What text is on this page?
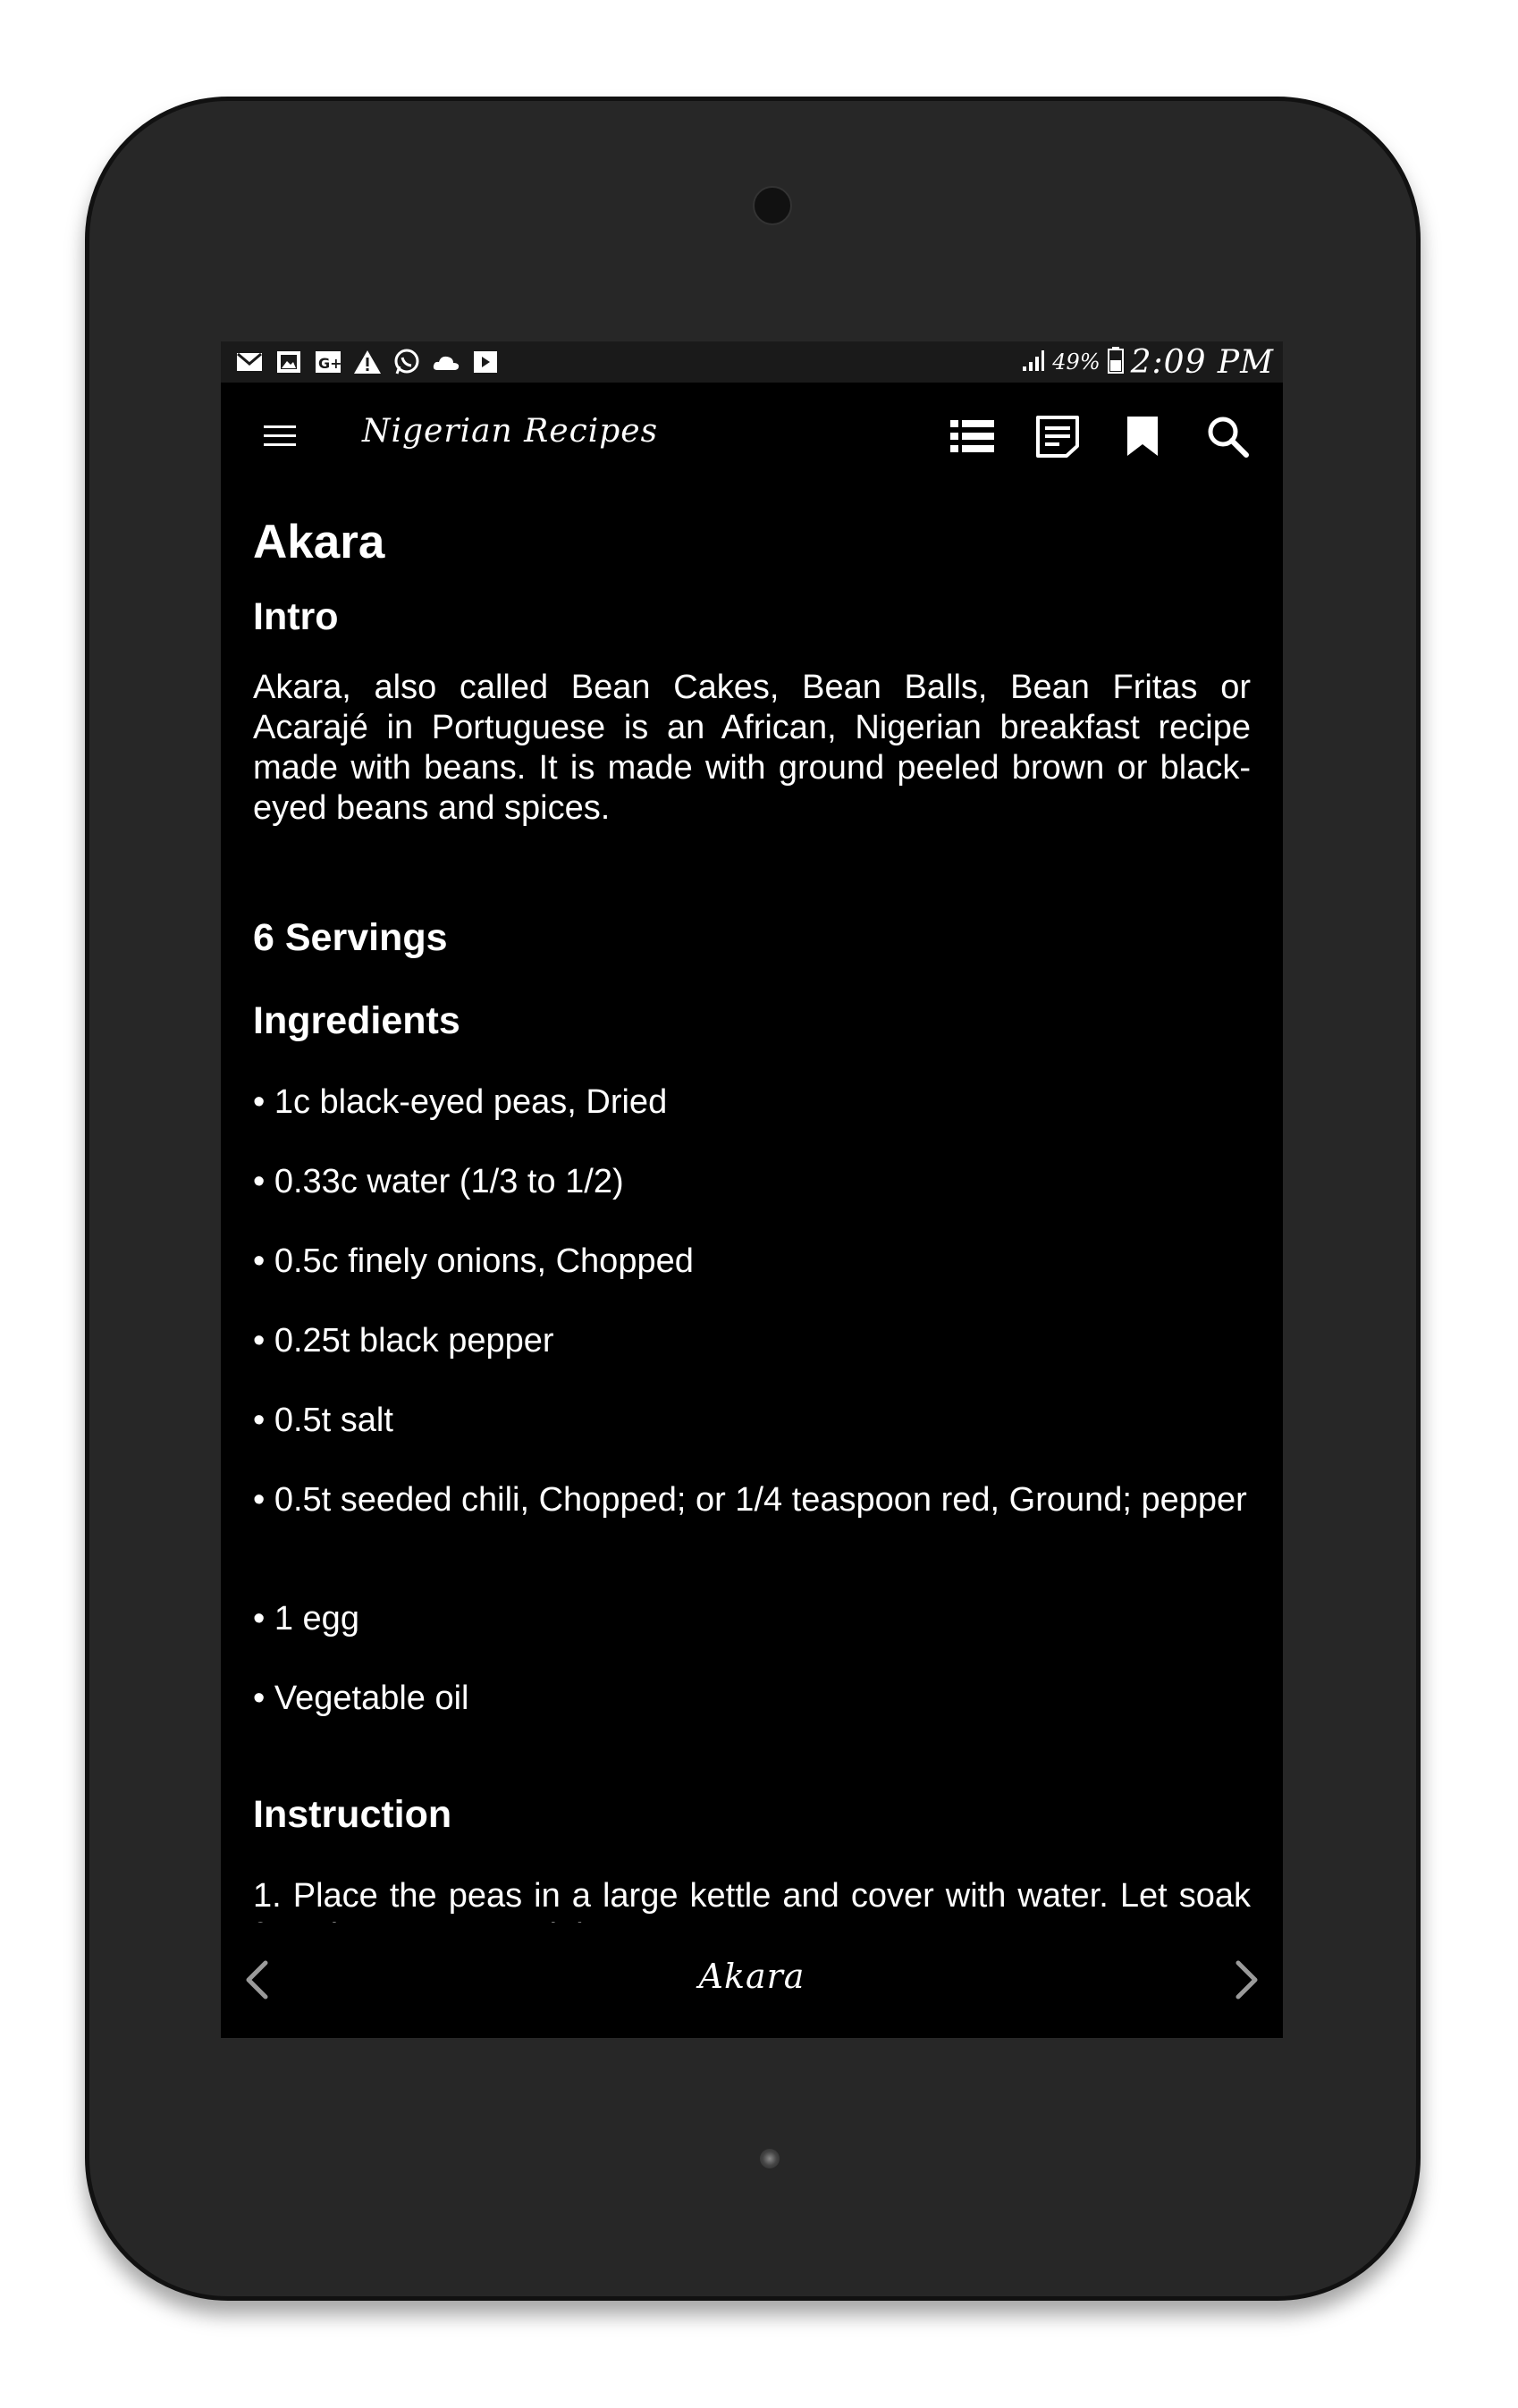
G+	49% 2:09 PM
Nigerian Recipes
Akara
Intro
Akara, also called Bean Cakes, Bean Balls, Bean Fritas or Acarajé in Portuguese is an African, Nigerian breakfast recipe made with beans. It is made with ground peeled brown or black-eyed beans and spices.
6 Servings
Ingredients
• 1c black-eyed peas, Dried
• 0.33c water (1/3 to 1/2)
• 0.5c finely onions, Chopped
• 0.25t black pepper
• 0.5t salt
• 0.5t seeded chili, Chopped; or 1/4 teaspoon red, Ground; pepper
• 1 egg
• Vegetable oil
Instruction
1. Place the peas in a large kettle and cover with water. Let soak
Akara
